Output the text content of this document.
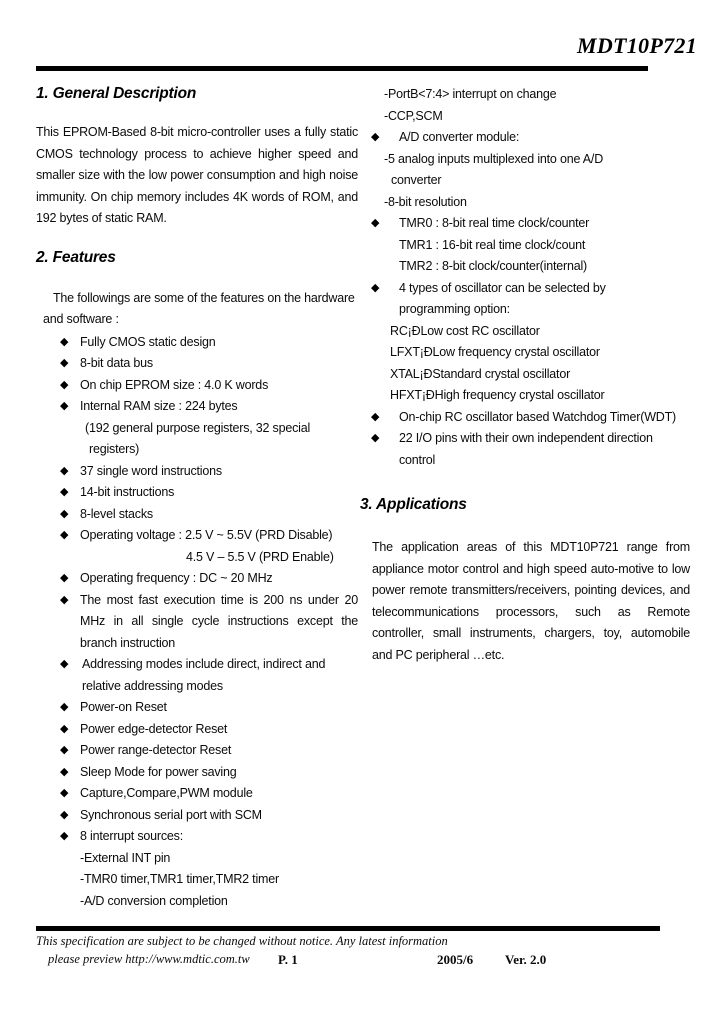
MDT10P721
1. General Description
This EPROM-Based 8-bit micro-controller uses a fully static
CMOS technology process to achieve higher speed and
smaller size with the low power consumption and high noise
immunity. On chip memory includes 4K words of ROM, and
192 bytes of static RAM.
2. Features
The followings are some of the features on the hardware
and software :
◆ Fully CMOS static design
◆ 8-bit data bus
◆ On chip EPROM size : 4.0 K words
◆ Internal RAM size : 224 bytes
(192 general purpose registers, 32 special
registers)
◆ 37 single word instructions
◆ 14-bit instructions
◆ 8-level stacks
◆ Operating voltage : 2.5 V ~ 5.5V (PRD Disable)
4.5 V – 5.5 V (PRD Enable)
◆ Operating frequency : DC ~ 20 MHz
◆ The most fast execution time is 200 ns under 20
MHz in all single cycle instructions except the
branch instruction
◆ Addressing modes include direct, indirect and
relative addressing modes
◆ Power-on Reset
◆ Power edge-detector Reset
◆ Power range-detector Reset
◆ Sleep Mode for power saving
◆ Capture,Compare,PWM module
◆ Synchronous serial port with SCM
◆ 8 interrupt sources:
-External INT pin
-TMR0 timer,TMR1 timer,TMR2 timer
-A/D conversion completion
-PortB<7:4> interrupt on change
-CCP,SCM
◆ A/D converter module:
-5 analog inputs multiplexed into one A/D
converter
-8-bit resolution
◆ TMR0 : 8-bit real time clock/counter
TMR1 : 16-bit real time clock/count
TMR2 : 8-bit clock/counter(internal)
◆ 4 types of oscillator can be selected by
programming option:
RC¡ÐLow cost RC oscillator
LFXT¡ÐLow frequency crystal oscillator
XTAL¡ÐStandard crystal oscillator
HFXT¡ÐHigh frequency crystal oscillator
◆ On-chip RC oscillator based Watchdog Timer(WDT)
◆ 22 I/O pins with their own independent direction
control
3. Applications
The application areas of this MDT10P721 range from
appliance motor control and high speed auto-motive to low
power remote transmitters/receivers, pointing devices, and
telecommunications processors, such as Remote
controller, small instruments, chargers, toy, automobile
and PC peripheral …etc.
This specification are subject to be changed without notice. Any latest information
please preview http://www.mdtic.com.tw P. 1	2005/6 Ver. 2.0
